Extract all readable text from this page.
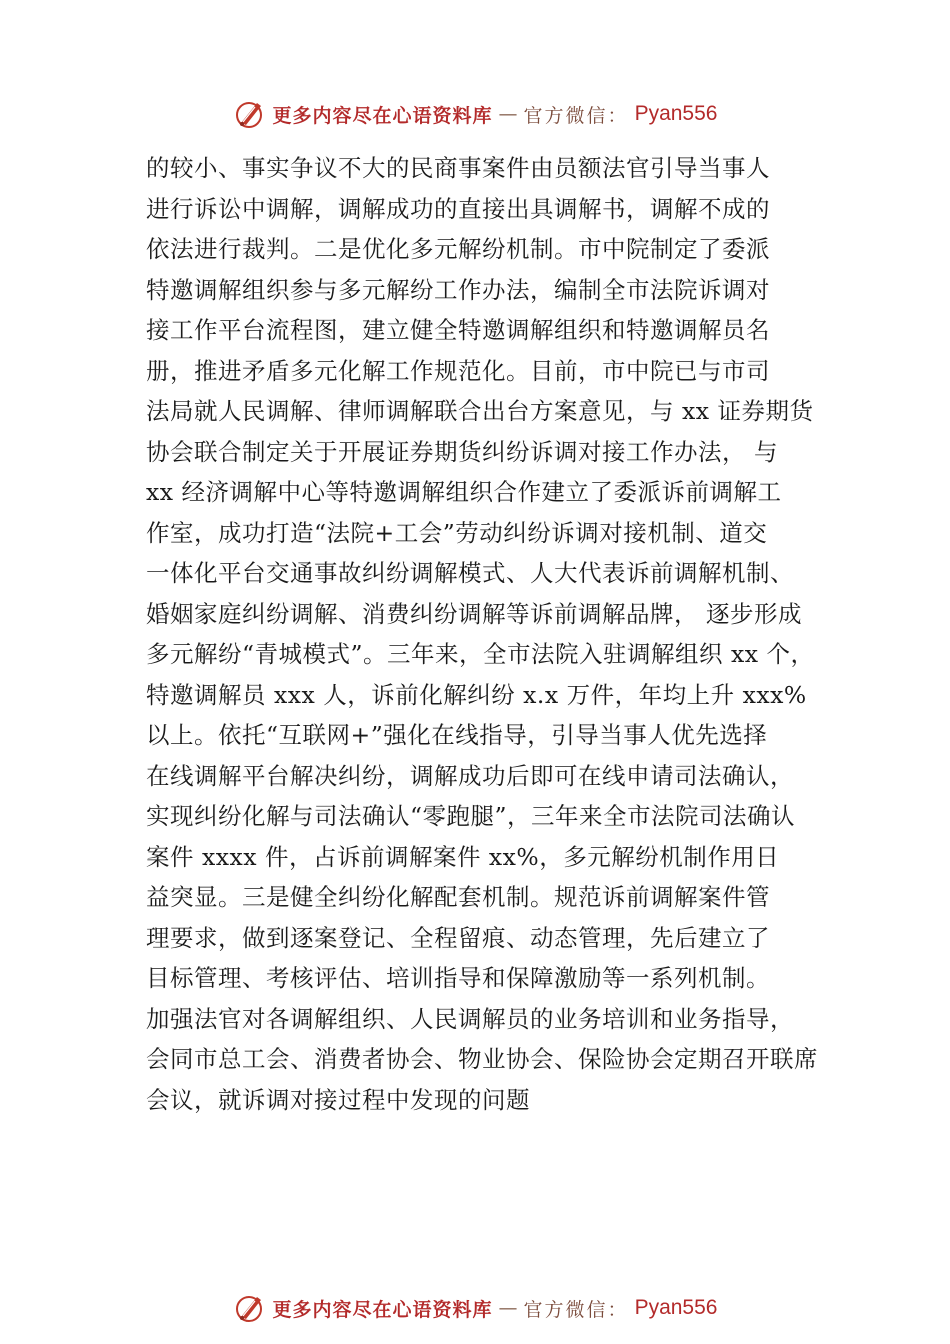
更多内容尽在心语资料库 — 官方微信： Pyan556

的较小、事实争议不大的民商事案件由员额法官引导当事人

进行诉讼中调解，调解成功的直接出具调解书，调解不成的

依法进行裁判。二是优化多元解纷机制。市中院制定了委派

特邀调解组织参与多元解纷工作办法，编制全市法院诉调对

接工作平台流程图，建立健全特邀调解组织和特邀调解员名

册，推进矛盾多元化解工作规范化。目前，市中院已与市司

法局就人民调解、律师调解联合出台方案意见，与 xx 证券期货

协会联合制定关于开展证券期货纠纷诉调对接工作办法， 与

xx 经济调解中心等特邀调解组织合作建立了委派诉前调解工

作室，成功打造“法院+工会”劳动纠纷诉调对接机制、道交

一体化平台交通事故纠纷调解模式、人大代表诉前调解机制、

婚姻家庭纠纷调解、消费纠纷调解等诉前调解品牌， 逐步形成

多元解纷“青城模式”。三年来，全市法院入驻调解组织 xx 个，

特邀调解员 xxx 人，诉前化解纠纷 x.x 万件，年均上升 xxx%

以上。依托“互联网+”强化在线指导，引导当事人优先选择

在线调解平台解决纠纷，调解成功后即可在线申请司法确认，

实现纠纷化解与司法确认“零跑腿”，三年来全市法院司法确认

案件 xxxx 件，占诉前调解案件 xx%，多元解纷机制作用日

益突显。三是健全纠纷化解配套机制。规范诉前调解案件管

理要求，做到逐案登记、全程留痕、动态管理，先后建立了

目标管理、考核评估、培训指导和保障激励等一系列机制。

加强法官对各调解组织、人民调解员的业务培训和业务指导，

会同市总工会、消费者协会、物业协会、保险协会定期召开联席

会议，就诉调对接过程中发现的问题

更多内容尽在心语资料库 — 官方微信： Pyan556
